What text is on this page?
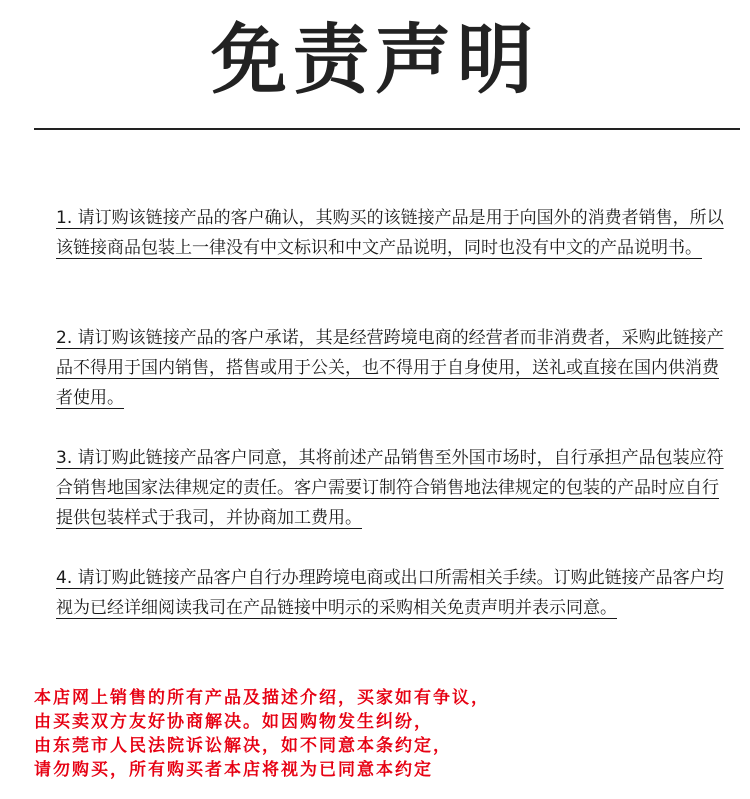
免责声明

1. 请订购该链接产品的客户确认，其购买的该链接产品是用于向国外的消费者销售，所以该链接商品包装上一律没有中文标识和中文产品说明，同时也没有中文的产品说明书。

2. 请订购该链接产品的客户承诺，其是经营跨境电商的经营者而非消费者，采购此链接产品不得用于国内销售，搭售或用于公关，也不得用于自身使用，送礼或直接在国内供消费者使用。

3. 请订购此链接产品客户同意，其将前述产品销售至外国市场时，自行承担产品包装应符合销售地国家法律规定的责任。客户需要订制符合销售地法律规定的包装的产品时应自行提供包装样式于我司，并协商加工费用。

4. 请订购此链接产品客户自行办理跨境电商或出口所需相关手续。订购此链接产品客户均视为已经详细阅读我司在产品链接中明示的采购相关免责声明并表示同意。

本店网上销售的所有产品及描述介绍，买家如有争议，
由买卖双方友好协商解决。如因购物发生纠纷，
由东莞市人民法院诉讼解决，如不同意本条约定，
请勿购买，所有购买者本店将视为已同意本约定
